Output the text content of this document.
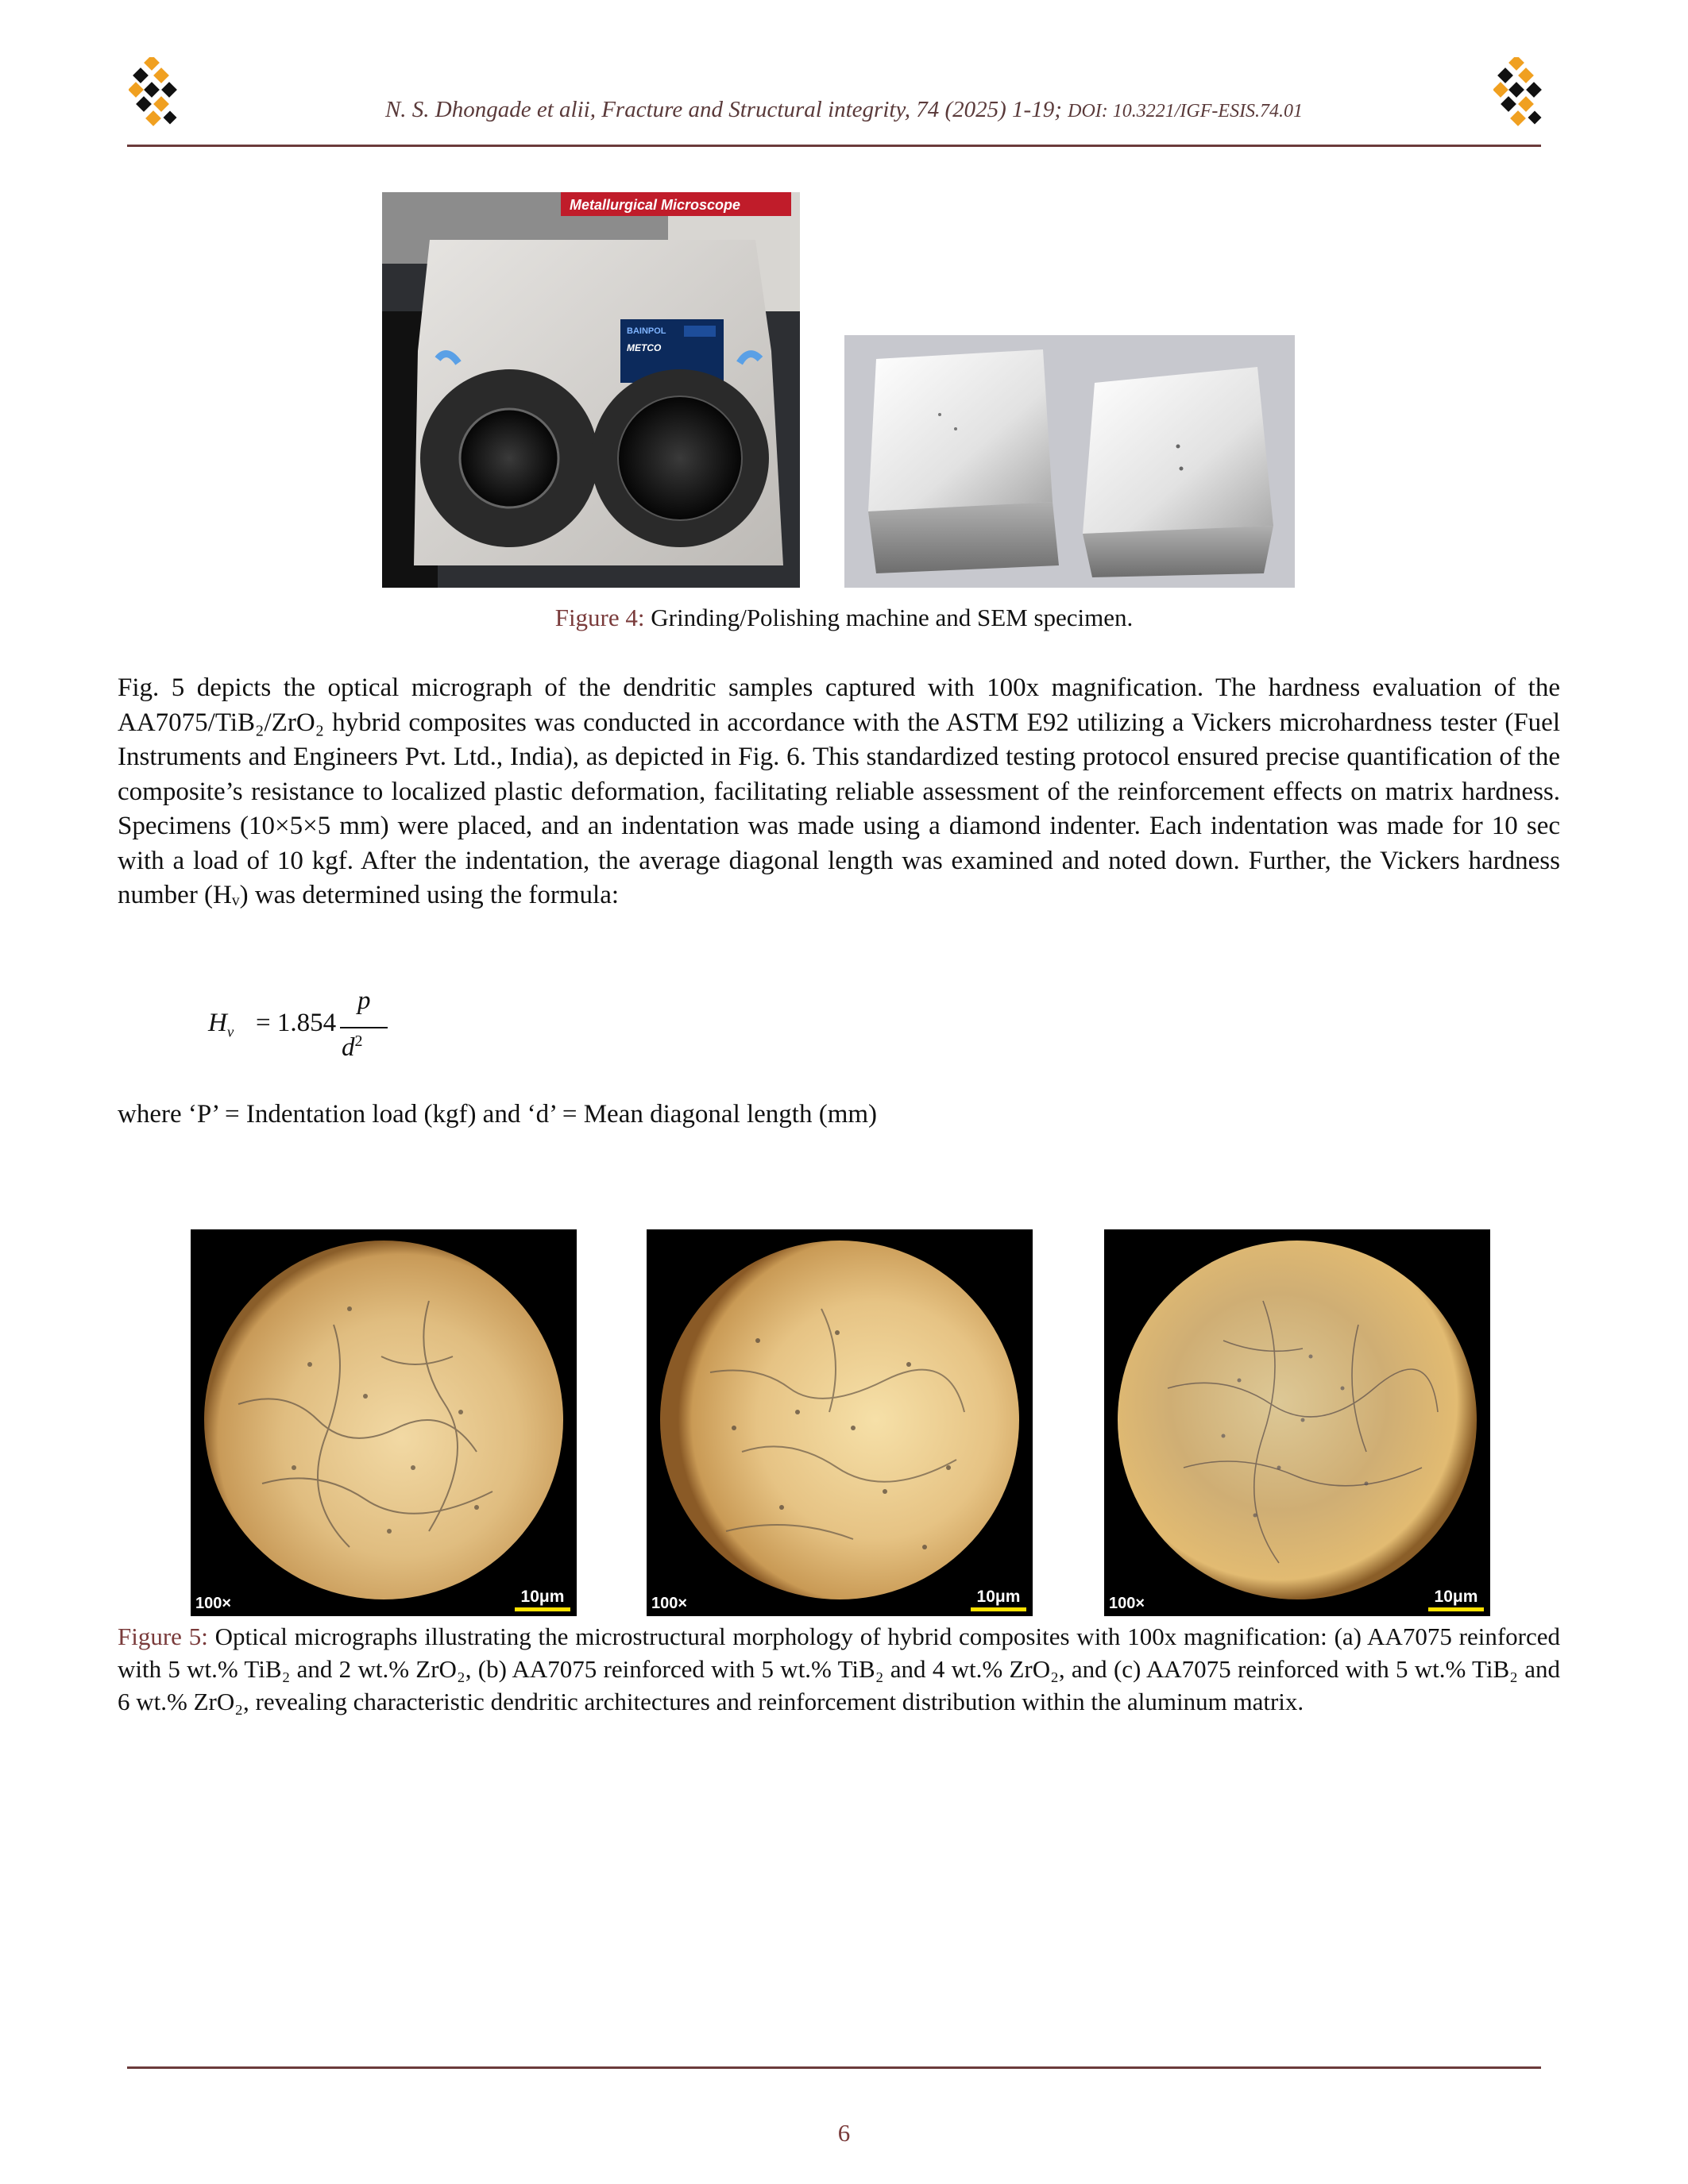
N. S. Dhongade et alii, Fracture and Structural integrity, 74 (2025) 1-19; DOI: 10.3221/IGF-ESIS.74.01
Metallurgical Microscope
BAINPOL
METCO
Figure 4: Grinding/Polishing machine and SEM specimen.

Fig. 5 depicts the optical micrograph of the dendritic samples captured with 100x magnification. The hardness evaluation of the AA7075/TiB₂/ZrO₂ hybrid composites was conducted in accordance with the ASTM E92 utilizing a Vickers microhardness tester (Fuel Instruments and Engineers Pvt. Ltd., India), as depicted in Fig. 6. This standardized testing protocol ensured precise quantification of the composite’s resistance to localized plastic deformation, facilitating reliable assessment of the reinforcement effects on matrix hardness. Specimens (10×5×5 mm) were placed, and an indentation was made using a diamond indenter. Each indentation was made for 10 sec with a load of 10 kgf. After the indentation, the average diagonal length was examined and noted down. Further, the Vickers hardness number (Hᵥ) was determined using the formula:

$H_v = 1.854$
p
$d^2$

where ‘P’ = Indentation load (kgf) and ‘d’ = Mean diagonal length (mm)

100×	10μm	100×	10μm	100×	10μm

Figure 5: Optical micrographs illustrating the microstructural morphology of hybrid composites with 100x magnification: (a) AA7075 reinforced with 5 wt.% TiB₂ and 2 wt.% ZrO₂, (b) AA7075 reinforced with 5 wt.% TiB₂ and 4 wt.% ZrO₂, and (c) AA7075 reinforced with 5 wt.% TiB₂ and 6 wt.% ZrO₂, revealing characteristic dendritic architectures and reinforcement distribution within the aluminum matrix.

6
